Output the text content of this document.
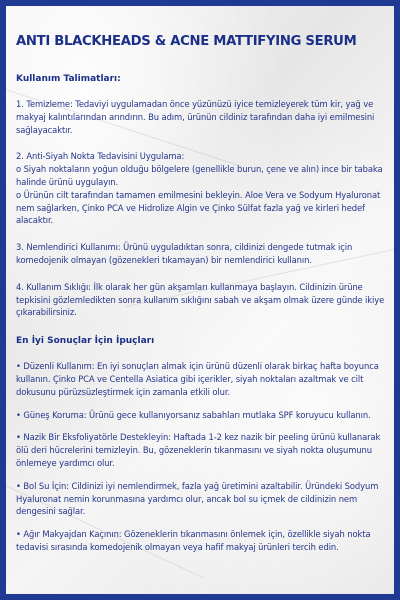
ANTI BLACKHEADS & ACNE MATTIFYING SERUM
Kullanım Talimatları:

1. Temizleme: Tedaviyi uygulamadan önce yüzünüzü iyice temizleyerek tüm kir, yağ ve makyaj kalıntılarından arındırın. Bu adım, ürünün cildiniz tarafından daha iyi emilmesini sağlayacaktır.

2. Anti-Siyah Nokta Tedavisini Uygulama:
o Siyah noktaların yoğun olduğu bölgelere (genellikle burun, çene ve alın) ince bir tabaka halinde ürünü uygulayın.
o Ürünün cilt tarafından tamamen emilmesini bekleyin. Aloe Vera ve Sodyum Hyaluronat nem sağlarken, Çinko PCA ve Hidrolize Algin ve Çinko Sülfat fazla yağ ve kirleri hedef alacaktır.

3. Nemlendirici Kullanımı: Ürünü uyguladıktan sonra, cildinizi dengede tutmak için komedojenik olmayan (gözenekleri tıkamayan) bir nemlendirici kullanın.

4. Kullanım Sıklığı: İlk olarak her gün akşamları kullanmaya başlayın. Cildinizin ürüne tepkisini gözlemledikten sonra kullanım sıklığını sabah ve akşam olmak üzere günde ikiye çıkarabilirsiniz.

En İyi Sonuçlar İçin İpuçları

• Düzenli Kullanım: En iyi sonuçları almak için ürünü düzenli olarak birkaç hafta boyunca kullanın. Çinko PCA ve Centella Asiatica gibi içerikler, siyah noktaları azaltmak ve cilt dokusunu pürüzsüzleştirmek için zamanla etkili olur.

• Güneş Koruma: Ürünü gece kullanıyorsanız sabahları mutlaka SPF koruyucu kullanın.

• Nazik Bir Eksfoliyatörle Destekleyin: Haftada 1-2 kez nazik bir peeling ürünü kullanarak ölü deri hücrelerini temizleyin. Bu, gözeneklerin tıkanmasını ve siyah nokta oluşumunu önlemeye yardımcı olur.

• Bol Su İçin: Cildinizi iyi nemlendirmek, fazla yağ üretimini azaltabilir. Üründeki Sodyum Hyaluronat nemin korunmasına yardımcı olur, ancak bol su içmek de cildinizin nem dengesini sağlar.

• Ağır Makyajdan Kaçının: Gözeneklerin tıkanmasını önlemek için, özellikle siyah nokta tedavisi sırasında komedojenik olmayan veya hafif makyaj ürünleri tercih edin.
